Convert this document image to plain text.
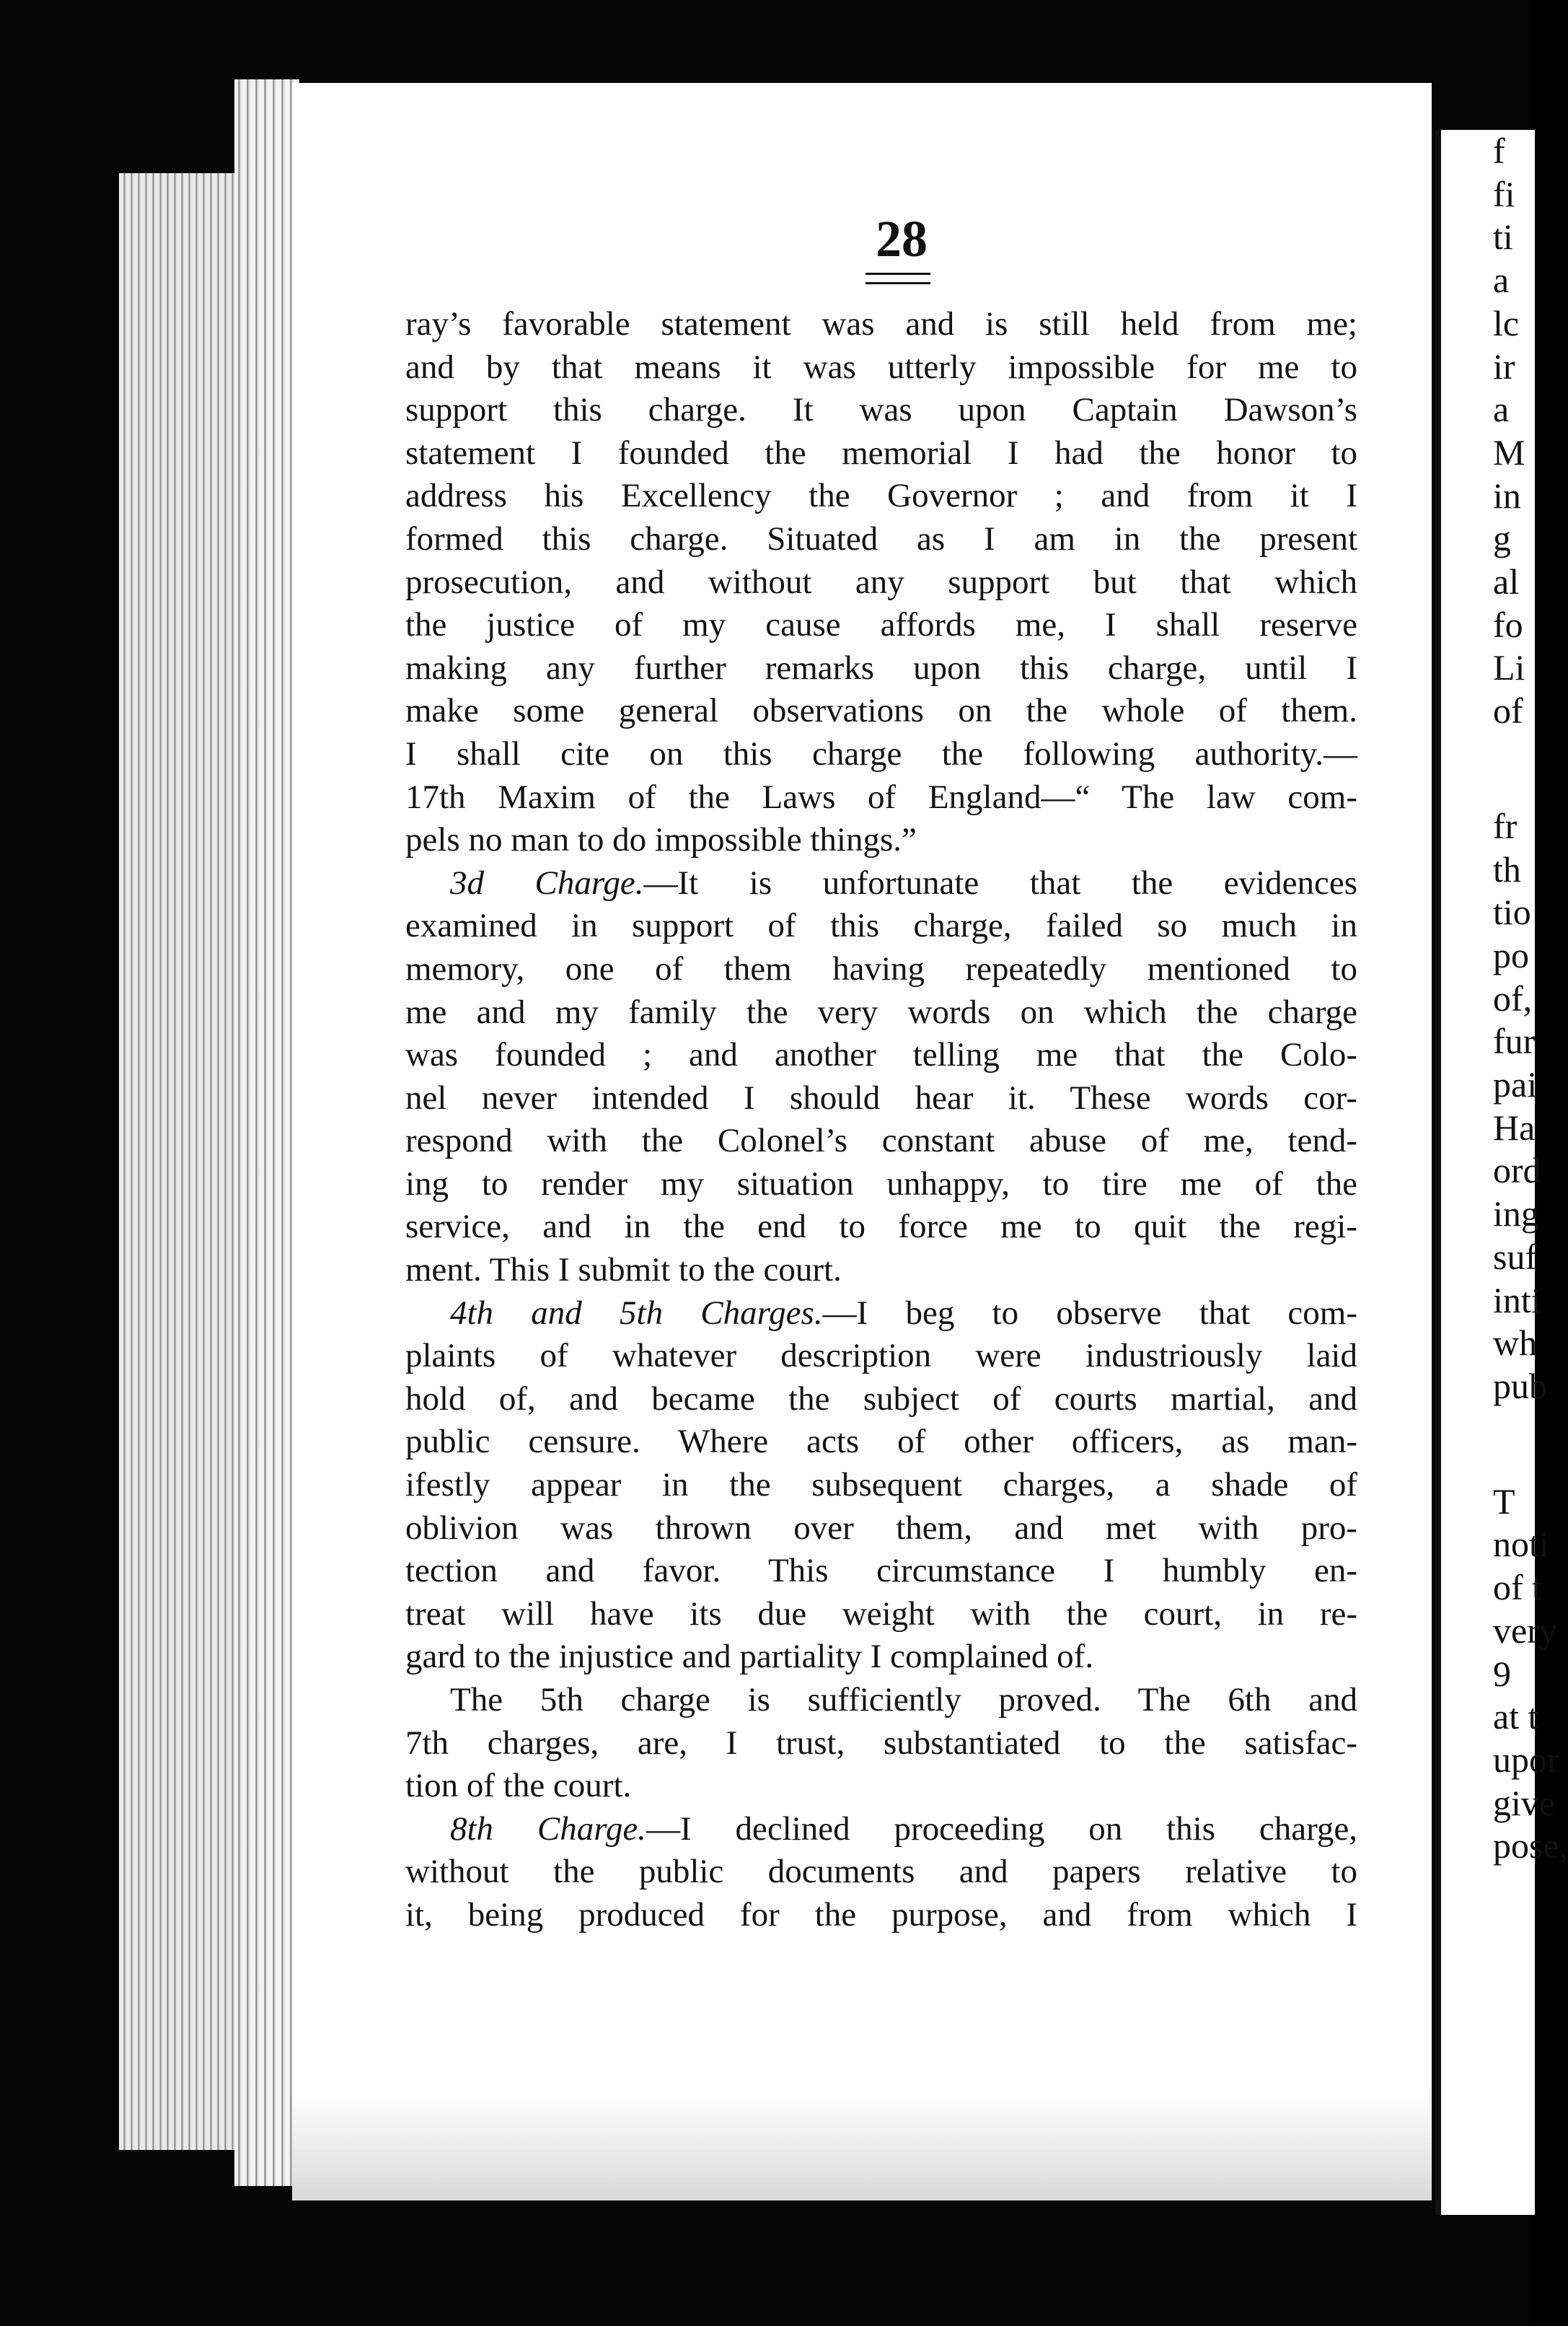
28
ray’s favorable statement was and is still held from me;
and by that means it was utterly impossible for me to
support this charge. It was upon Captain Dawson’s
statement I founded the memorial I had the honor to
address his Excellency the Governor ; and from it I
formed this charge. Situated as I am in the present
prosecution, and without any support but that which
the justice of my cause affords me, I shall reserve
making any further remarks upon this charge, until I
make some general observations on the whole of them.
I shall cite on this charge the following authority.—
17th Maxim of the Laws of England—“ The law com-
pels no man to do impossible things.”
3d Charge.—It is unfortunate that the evidences
examined in support of this charge, failed so much in
memory, one of them having repeatedly mentioned to
me and my family the very words on which the charge
was founded ; and another telling me that the Colo-
nel never intended I should hear it. These words cor-
respond with the Colonel’s constant abuse of me, tend-
ing to render my situation unhappy, to tire me of the
service, and in the end to force me to quit the regi-
ment. This I submit to the court.
4th and 5th Charges.—I beg to observe that com-
plaints of whatever description were industriously laid
hold of, and became the subject of courts martial, and
public censure. Where acts of other officers, as man-
ifestly appear in the subsequent charges, a shade of
oblivion was thrown over them, and met with pro-
tection and favor. This circumstance I humbly en-
treat will have its due weight with the court, in re-
gard to the injustice and partiality I complained of.
The 5th charge is sufficiently proved. The 6th and
7th charges, are, I trust, substantiated to the satisfac-
tion of the court.
8th Charge.—I declined proceeding on this charge,
without the public documents and papers relative to
it, being produced for the purpose, and from which I
f
fi
ti
a
lc
ir
a
M
in
g
al
fo
Li
of
fr
th
tio
po
of,
fur
pai
Ha
ord
ing
suf
inti
wh
pub
T
noti
of t
very
9
at t
upor
give
pose,
